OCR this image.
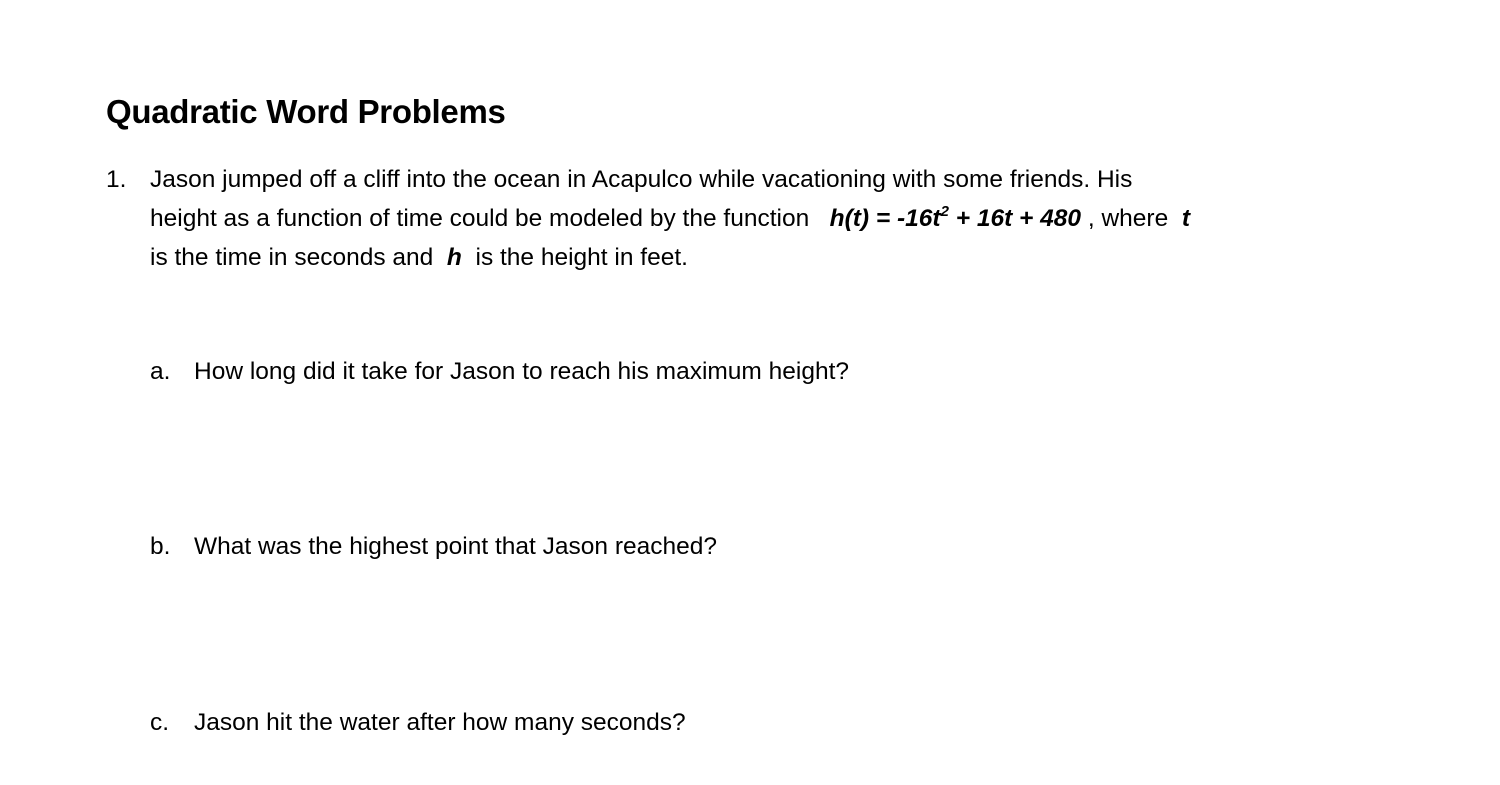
Quadratic Word Problems
1. Jason jumped off a cliff into the ocean in Acapulco while vacationing with some friends. His
height as a function of time could be modeled by the function $h(t) = -16t^2 + 16t + 480$ , where t
is the time in seconds and h is the height in feet.
a. How long did it take for Jason to reach his maximum height?
b. What was the highest point that Jason reached?
c. Jason hit the water after how many seconds?
